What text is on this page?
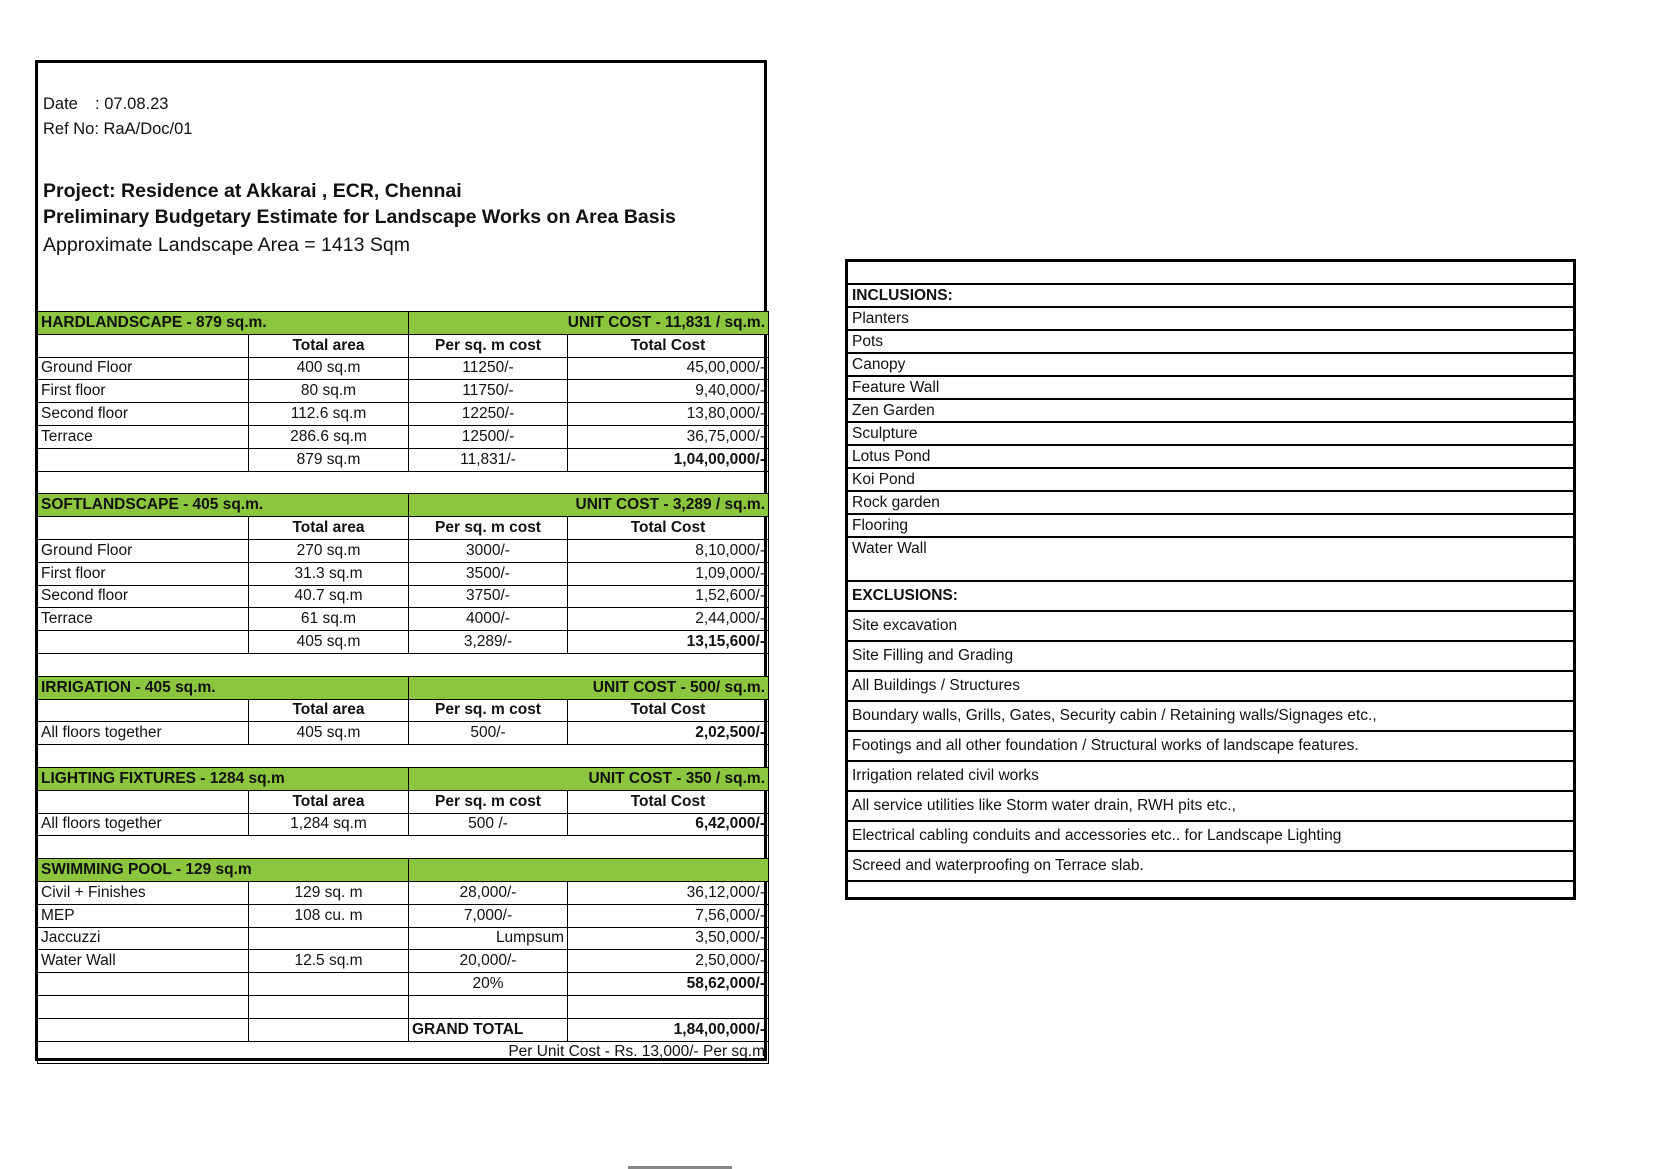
Date : 07.08.23
Ref No: RaA/Doc/01
Project: Residence at Akkarai , ECR, Chennai
Preliminary Budgetary Estimate for Landscape Works on Area Basis
Approximate Landscape Area = 1413 Sqm
HARDLANDSCAPE - 879 sq.m.		UNIT COST - 11,831 / sq.m.	
	Total area	Per sq. m cost	Total Cost
Ground Floor	400 sq.m	11250/-	45,00,000/-
First floor	80 sq.m	11750/-	9,40,000/-
Second floor	112.6 sq.m	12250/-	13,80,000/-
Terrace	286.6 sq.m	12500/-	36,75,000/-
	879 sq.m	11,831/-	1,04,00,000/-

SOFTLANDSCAPE - 405 sq.m.		UNIT COST - 3,289 / sq.m.	
	Total area	Per sq. m cost	Total Cost
Ground Floor	270 sq.m	3000/-	8,10,000/-
First floor	31.3 sq.m	3500/-	1,09,000/-
Second floor	40.7 sq.m	3750/-	1,52,600/-
Terrace	61 sq.m	4000/-	2,44,000/-
	405 sq.m	3,289/-	13,15,600/-

IRRIGATION - 405 sq.m.		UNIT COST - 500/ sq.m.	
	Total area	Per sq. m cost	Total Cost
All floors together	405 sq.m	500/-	2,02,500/-

LIGHTING FIXTURES - 1284 sq.m		UNIT COST - 350 / sq.m.	
	Total area	Per sq. m cost	Total Cost
All floors together	1,284 sq.m	500 /-	6,42,000/-

SWIMMING POOL - 129 sq.m			
Civil + Finishes	129 sq. m	28,000/-	36,12,000/-
MEP	108 cu. m	7,000/-	7,56,000/-
Jaccuzzi		Lumpsum	3,50,000/-
Water Wall	12.5 sq.m	20,000/-	2,50,000/-
		20%	58,62,000/-

		GRAND TOTAL	1,84,00,000/-
Per Unit Cost - Rs. 13,000/- Per sq.m			

INCLUSIONS:
Planters
Pots
Canopy
Feature Wall
Zen Garden
Sculpture
Lotus Pond
Koi Pond
Rock garden
Flooring
Water Wall

EXCLUSIONS:
Site excavation
Site Filling and Grading
All Buildings / Structures
Boundary walls, Grills, Gates, Security cabin / Retaining walls/Signages etc.,
Footings and all other foundation / Structural works of landscape features.
Irrigation related civil works
All service utilities like Storm water drain, RWH pits etc.,
Electrical cabling conduits and accessories etc.. for Landscape Lighting
Screed and waterproofing on Terrace slab.
